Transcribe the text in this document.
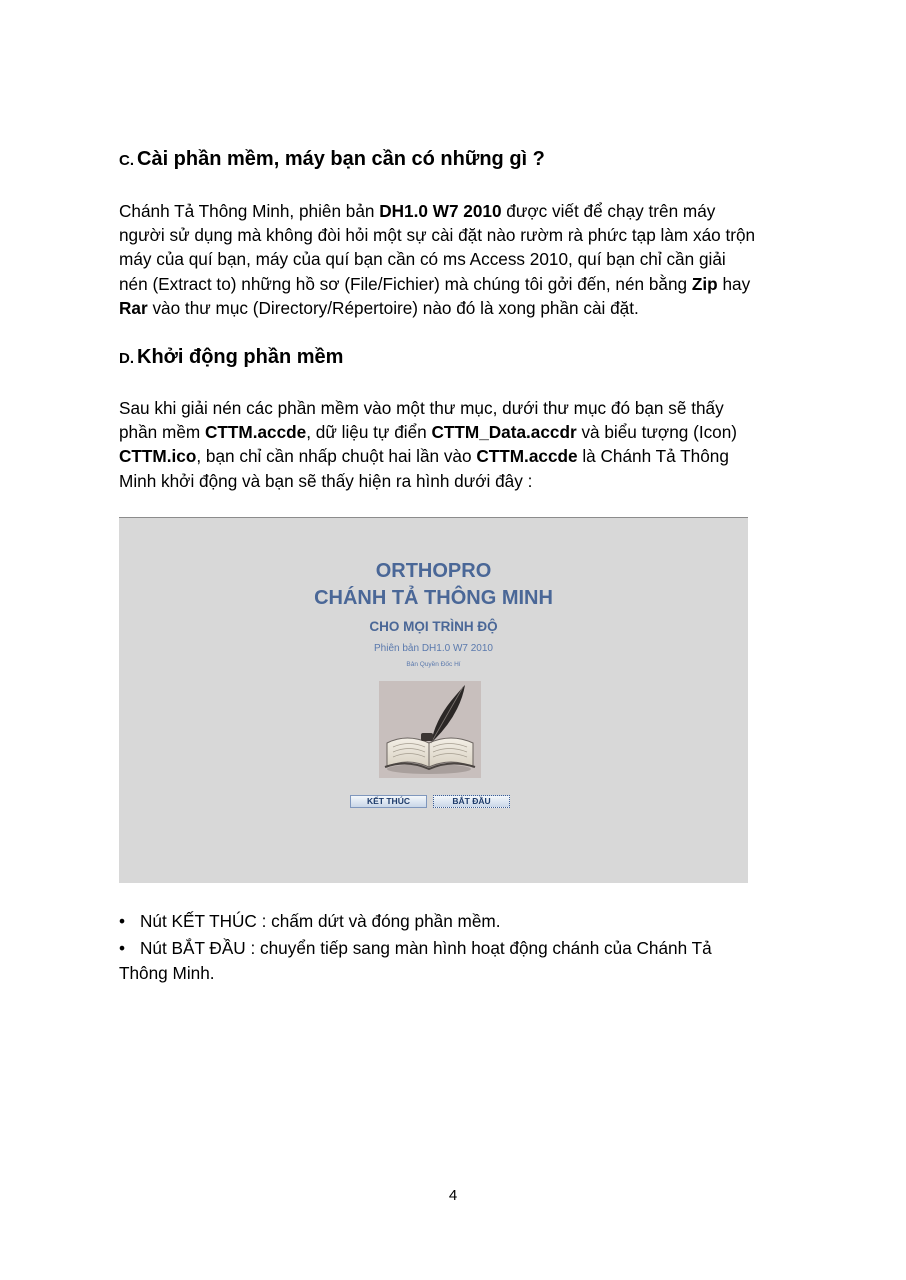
C. Cài phần mềm, máy bạn cần có những gì ?
Chánh Tả Thông Minh, phiên bản DH1.0 W7 2010 được viết để chạy trên máy
người sử dụng mà không đòi hỏi một sự cài đặt nào rườm rà phức tạp làm xáo trộn
máy của quí bạn, máy của quí bạn cần có ms Access 2010, quí bạn chỉ cần giải
nén (Extract to) những hồ sơ (File/Fichier) mà chúng tôi gởi đến, nén bằng Zip hay
Rar vào thư mục (Directory/Répertoire) nào đó là xong phần cài đặt.
D. Khởi động phần mềm
Sau khi giải nén các phần mềm vào một thư mục, dưới thư mục đó bạn sẽ thấy
phần mềm CTTM.accde, dữ liệu tự điển CTTM_Data.accdr và biểu tượng (Icon)
CTTM.ico, bạn chỉ cần nhấp chuột hai lần vào CTTM.accde là Chánh Tả Thông
Minh khởi động và bạn sẽ thấy hiện ra hình dưới đây :
ORTHOPRO
CHÁNH TẢ THÔNG MINH
CHO MỌI TRÌNH ĐỘ
Phiên bản DH1.0 W7 2010
Bản Quyền Đốc Hí
KẾT THÚC	BẮT ĐẦU
• Nút KẾT THÚC : chấm dứt và đóng phần mềm.
• Nút BẮT ĐẦU : chuyển tiếp sang màn hình hoạt động chánh của Chánh Tả
Thông Minh.
4
